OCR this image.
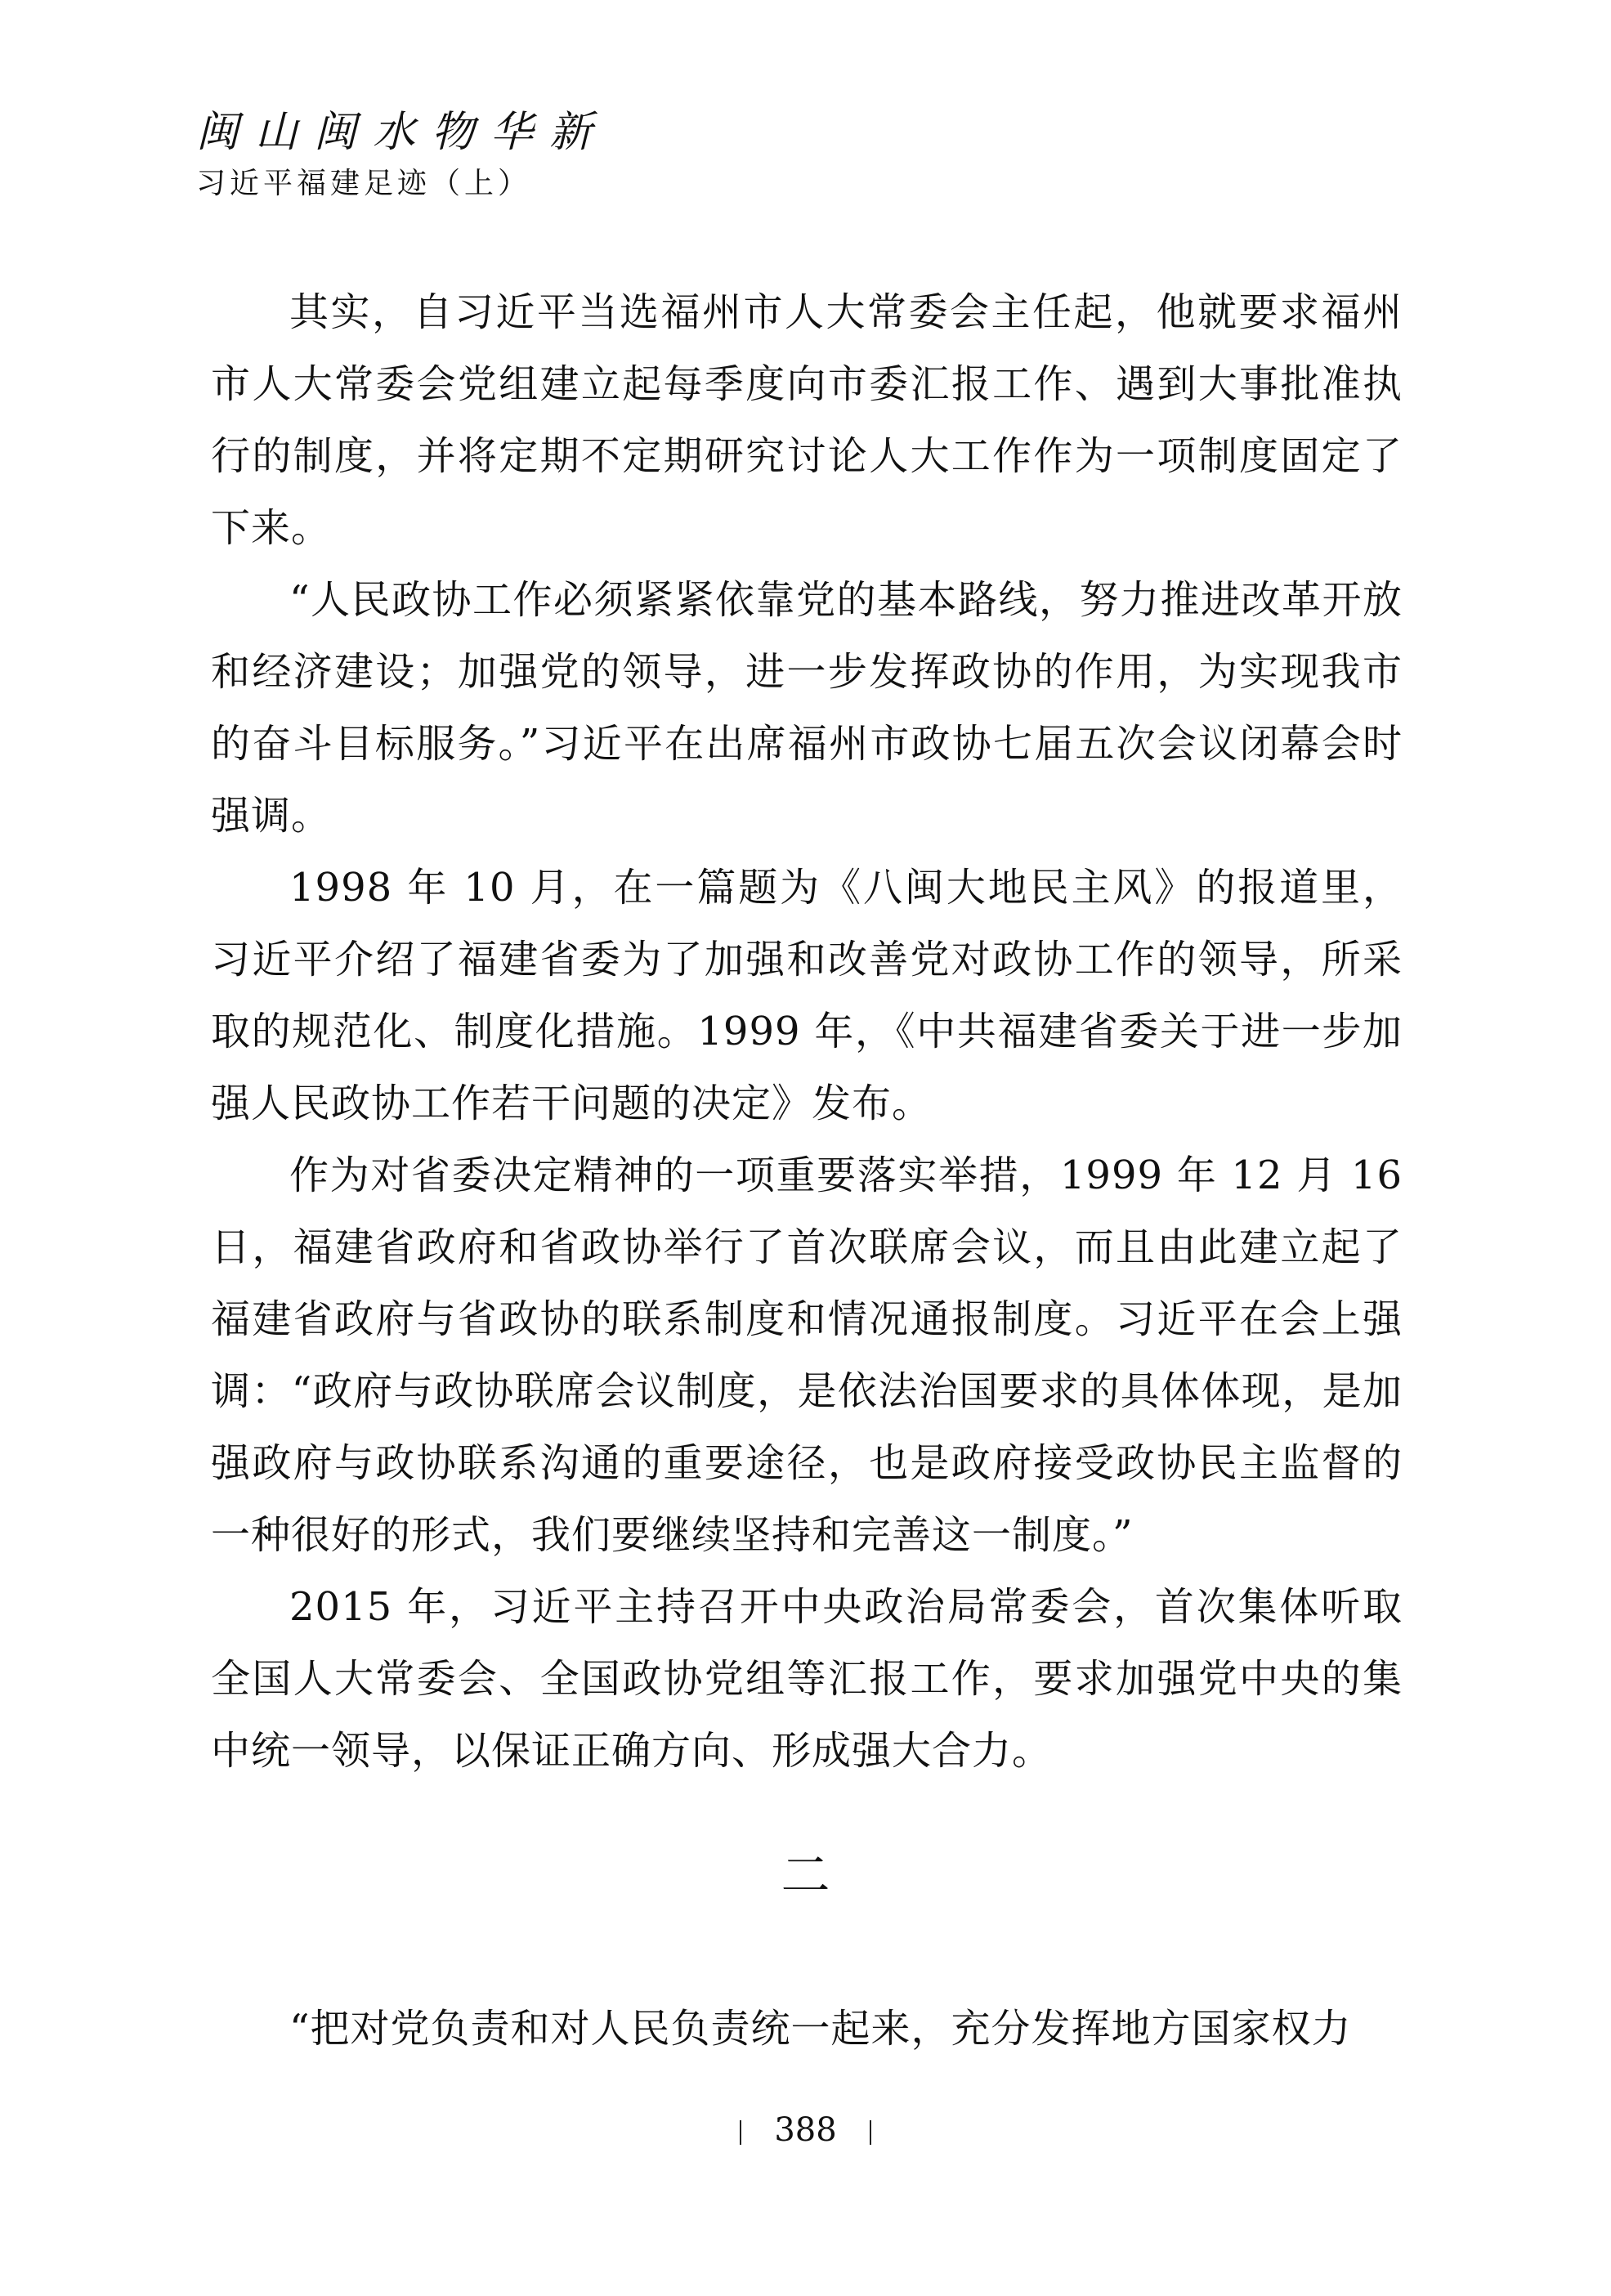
闽山闽水物华新
习近平福建足迹（上）

其实，自习近平当选福州市人大常委会主任起，他就要求福州市人大常委会党组建立起每季度向市委汇报工作、遇到大事批准执行的制度，并将定期不定期研究讨论人大工作作为一项制度固定了下来。

“人民政协工作必须紧紧依靠党的基本路线，努力推进改革开放和经济建设；加强党的领导，进一步发挥政协的作用，为实现我市的奋斗目标服务。”习近平在出席福州市政协七届五次会议闭幕会时强调。

1998 年 10 月，在一篇题为《八闽大地民主风》的报道里，习近平介绍了福建省委为了加强和改善党对政协工作的领导，所采取的规范化、制度化措施。1999 年，《中共福建省委关于进一步加强人民政协工作若干问题的决定》发布。

作为对省委决定精神的一项重要落实举措，1999 年 12 月 16 日，福建省政府和省政协举行了首次联席会议，而且由此建立起了福建省政府与省政协的联系制度和情况通报制度。习近平在会上强调：“政府与政协联席会议制度，是依法治国要求的具体体现，是加强政府与政协联系沟通的重要途径，也是政府接受政协民主监督的一种很好的形式，我们要继续坚持和完善这一制度。”

2015 年，习近平主持召开中央政治局常委会，首次集体听取全国人大常委会、全国政协党组等汇报工作，要求加强党中央的集中统一领导，以保证正确方向、形成强大合力。

二

“把对党负责和对人民负责统一起来，充分发挥地方国家权力

388
